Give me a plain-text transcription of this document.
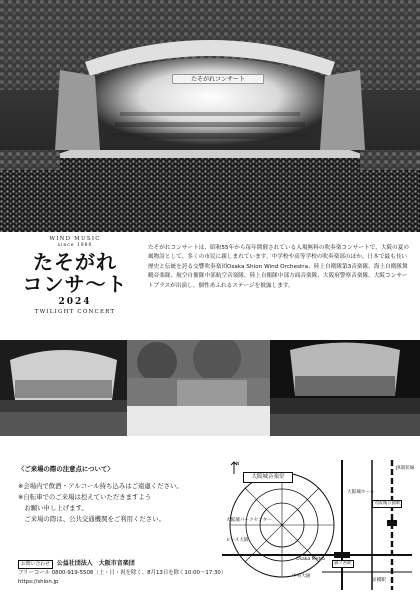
たそがれコンサート
WIND MUSIC
since 1980
たそがれ
コンサ～ト
2024
TWILIGHT CONCERT
たそがれコンサートは、昭和55年から毎年開催されている入場無料の吹奏楽コンサートで、大阪の夏の風物詩として、多くの市民に親しまれています。中学校や高等学校の吹奏楽部のほか、日本で最も長い歴史と伝統を誇る交響吹奏楽団Osaka Shion Wind Orchestra、陸上自衛隊第3音楽隊、海上自衛隊舞鶴音楽隊、航空自衛隊中部航空音楽隊、陸上自衛隊中部方面音楽隊、大阪府警察音楽隊、大阪コンサートブラスが出演し、個性あふれるステージを披露します。
〈ご来場の際の注意点について〉
※会場内で飲酒・アルコール持ち込みはご遠慮ください。
※自転車でのご来場は控えていただきますよう
　お願い申し上げます。
　ご来場の際は、公共交通機関をご利用ください。
お問い合わせ	公益社団法人　大阪市音楽団
フリーコール 0800-919-5508（土・日・祝を除く、8月13日を除く10:00～17:30）
https://shion.jp
N
大阪城音楽堂
大阪城パークセンター
ピース大阪
大阪城ホール
大阪城公園駅
森ノ宮駅
Osaka Metro
JR環状線
中央大通
京橋駅
